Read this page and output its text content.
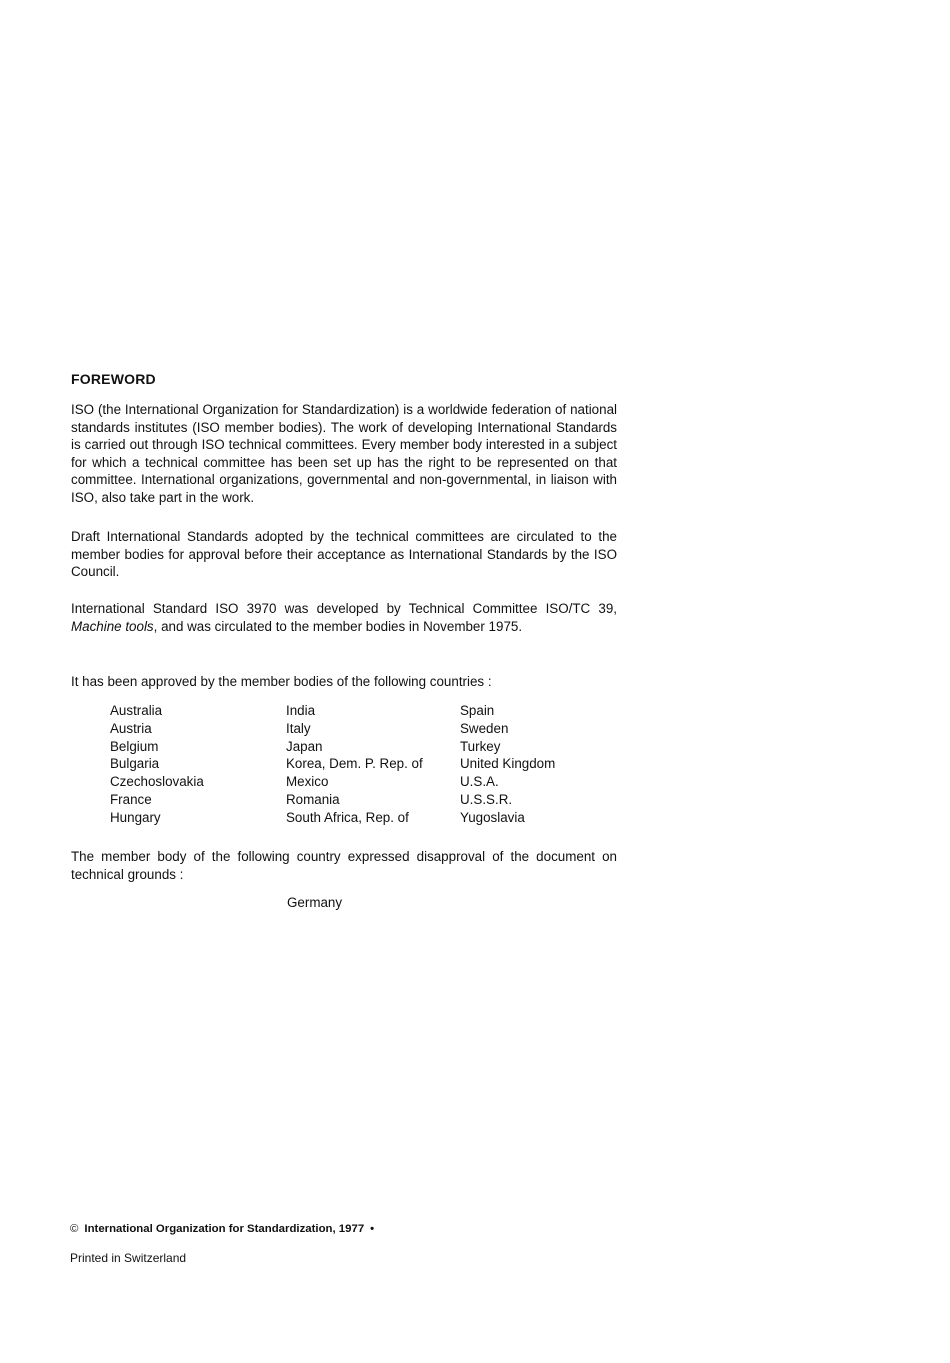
FOREWORD
ISO (the International Organization for Standardization) is a worldwide federation of national standards institutes (ISO member bodies). The work of developing International Standards is carried out through ISO technical committees. Every member body interested in a subject for which a technical committee has been set up has the right to be represented on that committee. International organizations, governmental and non-governmental, in liaison with ISO, also take part in the work.
Draft International Standards adopted by the technical committees are circulated to the member bodies for approval before their acceptance as International Standards by the ISO Council.
International Standard ISO 3970 was developed by Technical Committee ISO/TC 39, Machine tools, and was circulated to the member bodies in November 1975.
It has been approved by the member bodies of the following countries :
Australia
Austria
Belgium
Bulgaria
Czechoslovakia
France
Hungary
India
Italy
Japan
Korea, Dem. P. Rep. of
Mexico
Romania
South Africa, Rep. of
Spain
Sweden
Turkey
United Kingdom
U.S.A.
U.S.S.R.
Yugoslavia
The member body of the following country expressed disapproval of the document on technical grounds :
Germany
© International Organization for Standardization, 1977 •
Printed in Switzerland
